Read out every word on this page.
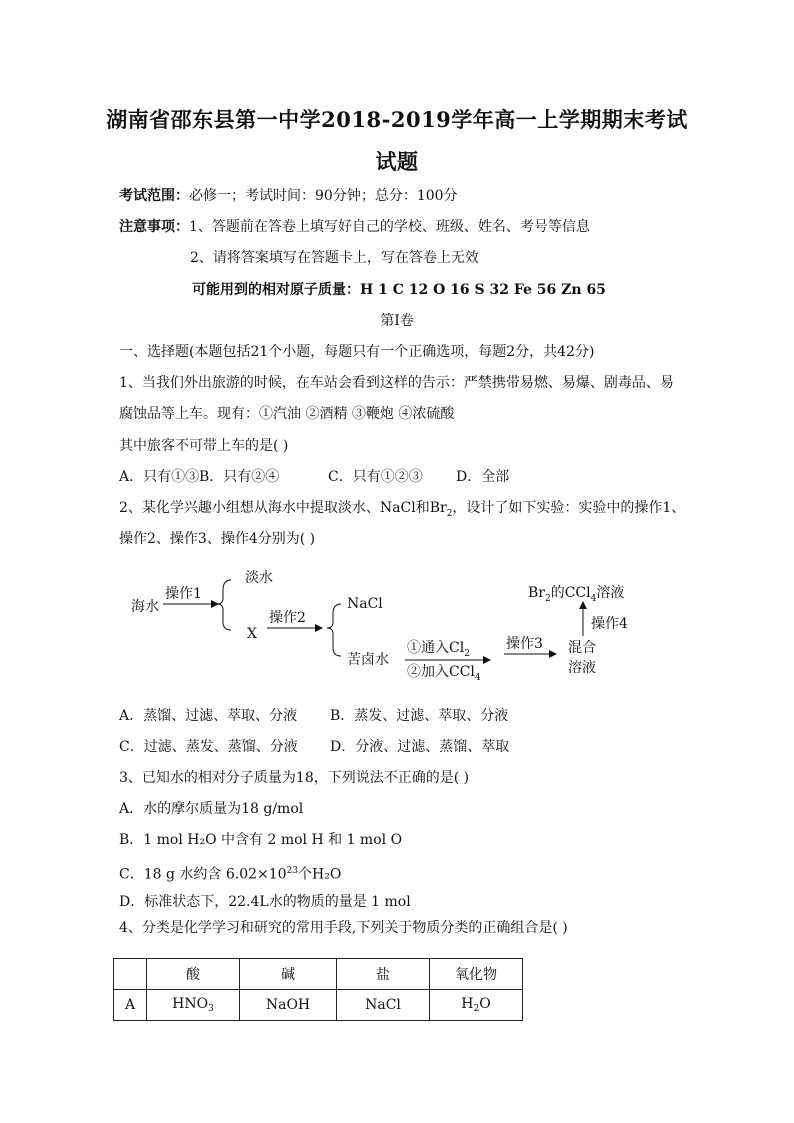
湖南省邵东县第一中学2018-2019学年高一上学期期末考试
试题
考试范围：必修一；考试时间：90分钟；总分：100分
注意事项：1、答题前在答卷上填写好自己的学校、班级、姓名、考号等信息
2、请将答案填写在答题卡上，写在答卷上无效
可能用到的相对原子质量：H 1 C 12 O 16 S 32 Fe 56 Zn 65
第Ⅰ卷
一、选择题(本题包括21个小题，每题只有一个正确选项，每题2分，共42分)
1、当我们外出旅游的时候，在车站会看到这样的告示：严禁携带易燃、易爆、剧毒品、易
腐蚀品等上车。现有：①汽油 ②酒精 ③鞭炮 ④浓硫酸
其中旅客不可带上车的是( )
A．只有①③ B．只有②④	C．只有①②③ D．全部
2、某化学兴趣小组想从海水中提取淡水、NaCl和$Br_2$，设计了如下实验：实验中的操作1、
操作2、操作3、操作4分别为( )
海水
操作1
淡水
X
操作2
NaCl
苦卤水
①通入$Cl_2$
②加入CCl$_4$
操作3 混合
溶液
操作4
$Br_2$的CCl$_4$溶液
A．蒸馏、过滤、萃取、分液 B．蒸发、过滤、萃取、分液
C．过滤、蒸发、蒸馏、分液 D．分液、过滤、蒸馏、萃取
3、已知水的相对分子质量为18，下列说法不正确的是( )
A．水的摩尔质量为18 g/mol
B．1 mol H₂O 中含有 2 mol H 和 1 mol O
C．18 g 水约含 $6.02\times 10^{23}$个H₂O
D．标准状态下，22.4L水的物质的量是 1 mol
4、分类是化学学习和研究的常用手段,下列关于物质分类的正确组合是( )
	酸	碱	盐	氧化物
A	$HNO_3$	NaOH	NaCl	$H_2O$
